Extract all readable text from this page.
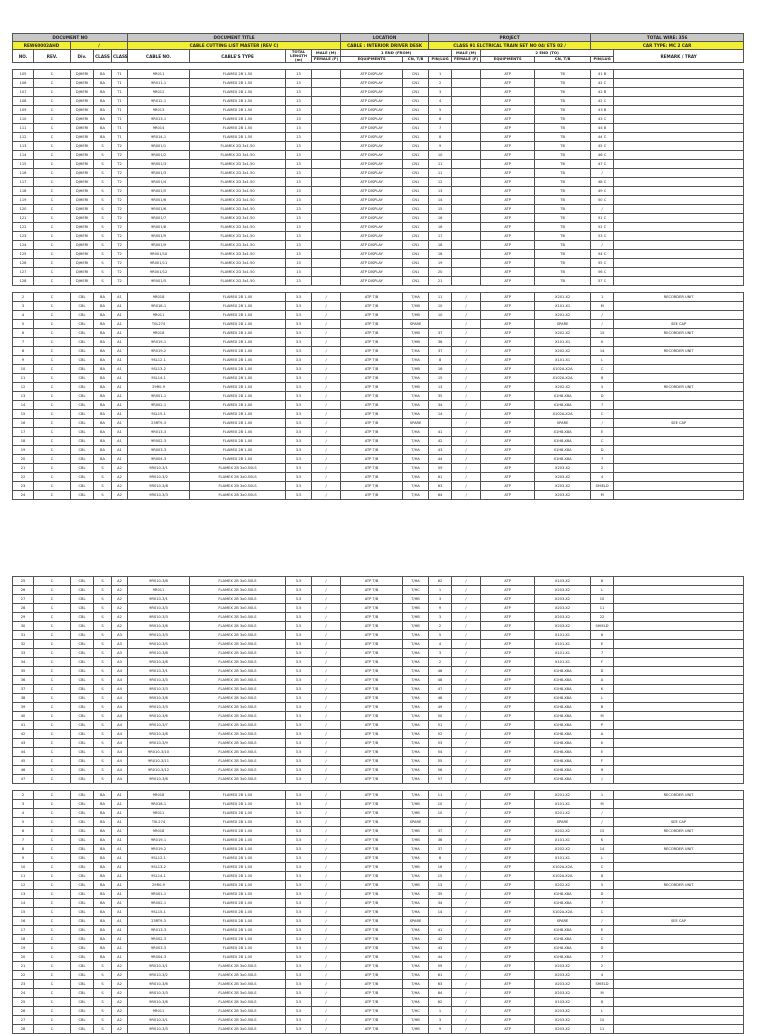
DOCUMENT NO					DOCUMENT TITLE				LOCATION		PROJECT				TOTAL WIRE: 356	
REW60002AHD		/			CABLE CUTTING LIST MASTER (REV C)				CABLE : INTERIOR DRIVER DESK		CLASS 91 ELCTRICAL TRAIN SET NO 04/ ETS 02 /				CAR TYPE: MC 2 CAR	
NO.	REV.	Div.	CLASS	CLASS	CABLE NO.	CABLE'S TYPE	TOTAL LENGTH (m)	MALE (M)	1 END (FROM)			MALE (M)	2 END (TO)			REMARK / TRAY
								FEMALE (F)	EQUIPMENTS	CN, T/B	PIN/LUG	FEMALE (F)	EQUIPMENTS	CN, T/B	PIN/LUG	

105	C	DJHERI	BA	T1	9R011	FLAMEX 2B 1.50	13		ATP DISPLAY	CN1	1		ATP	TB	41 B	
106	C	DJHERI	BA	T1	9R011-1	FLAMEX 2B 1.50	13		ATP DISPLAY	CN1	2		ATP	TB	42 C	
107	C	DJHERI	BA	T1	9R012	FLAMEX 2B 1.50	13		ATP DISPLAY	CN1	3		ATP	TB	42 B	
108	C	DJHERI	BA	T1	9R012-1	FLAMEX 2B 1.50	13		ATP DISPLAY	CN1	4		ATP	TB	42 C	
109	C	DJHERI	BA	T1	9R013	FLAMEX 2B 1.50	13		ATP DISPLAY	CN1	5		ATP	TB	43 B	
110	C	DJHERI	BA	T1	9R013-1	FLAMEX 2B 1.50	13		ATP DISPLAY	CN1	6		ATP	TB	43 C	
111	C	DJHERI	BA	T1	9R014	FLAMEX 2B 1.50	13		ATP DISPLAY	CN1	7		ATP	TB	44 B	
112	C	DJHERI	BA	T1	9R014-1	FLAMEX 2B 1.50	13		ATP DISPLAY	CN1	8		ATP	TB	44 C	
113	C	DJHERI	S	T2	9R001/1	FLAMEX 2D 3x1.50	13		ATP DISPLAY	CN1	9		ATP	TB	45 C	
114	C	DJHERI	S	T2	9R001/2	FLAMEX 2D 3x1.50	13		ATP DISPLAY	CN1	10		ATP	TB	46 C	
115	C	DJHERI	S	T2	9R001/3	FLAMEX 2D 3x1.50	13		ATP DISPLAY	CN1	11		ATP	TB	47 C	
116	C	DJHERI	S	T2	9R001/3	FLAMEX 2D 3x1.50	13		ATP DISPLAY	CN1	11		ATP	TB	/	
117	C	DJHERI	S	T2	9R001/4	FLAMEX 2D 3x1.50	13		ATP DISPLAY	CN1	12		ATP	TB	48 C	
118	C	DJHERI	S	T2	9R001/5	FLAMEX 2D 3x1.50	13		ATP DISPLAY	CN1	13		ATP	TB	49 C	
119	C	DJHERI	S	T2	9R001/6	FLAMEX 2D 3x1.50	13		ATP DISPLAY	CN1	14		ATP	TB	50 C	
120	C	DJHERI	S	T2	9R001/6	FLAMEX 2D 3x1.50	13		ATP DISPLAY	CN1	15		ATP	TB	/	
121	C	DJHERI	S	T2	9R001/7	FLAMEX 2D 3x1.50	13		ATP DISPLAY	CN1	16		ATP	TB	51 C	
122	C	DJHERI	S	T2	9R001/8	FLAMEX 2D 3x1.50	13		ATP DISPLAY	CN1	16		ATP	TB	52 C	
123	C	DJHERI	S	T2	9R001/9	FLAMEX 2D 3x1.50	13		ATP DISPLAY	CN1	17		ATP	TB	53 C	
124	C	DJHERI	S	T2	9R001/9	FLAMEX 2D 3x1.50	13		ATP DISPLAY	CN1	18		ATP	TB	/	
125	C	DJHERI	S	T2	9R001/10	FLAMEX 2D 3x1.50	13		ATP DISPLAY	CN1	18		ATP	TB	54 C	
126	C	DJHERI	S	T2	9R001/11	FLAMEX 2D 3x1.50	13		ATP DISPLAY	CN1	19		ATP	TB	55 C	
127	C	DJHERI	S	T2	9R001/12	FLAMEX 2D 3x1.50	13		ATP DISPLAY	CN1	20		ATP	TB	56 C	
128	C	DJHERI	S	T2	9R001/5	FLAMEX 2D 3x1.50	13		ATP DISPLAY	CN1	21		ATP	TB	57 C	

2	C	CBL	BA	A1	9R018	FLAMEX 2B 1.00	3.5	/	ATP T/B	T/HA	11	/	ATP	X201-X2	1	RECORDER UNIT
3	C	CBL	BA	A1	9R018-1	FLAMEX 2B 1.00	3.5	/	ATP T/B	T/HB	10	/	ATP	X101-X1	M	
4	C	CBL	BA	A1	9R011	FLAMEX 2B 1.00	3.5	/	ATP T/B	T/HB	10	/	ATP	X201-X2	/	
5	C	CBL	BA	A1	T0L274	FLAMEX 2B 1.00	3.5	/	ATP T/B	SPARE		/	ATP	SPARE	/	SEE CAP
6	C	CBL	BA	A1	9R018	FLAMEX 2B 1.00	3.5	/	ATP T/B	T/HB	37	/	ATP	X202-X2	15	RECORDER UNIT
7	C	CBL	BA	A1	9R019-1	FLAMEX 2B 1.00	3.5	/	ATP T/B	T/HB	36	/	ATP	X101-X1	K	
8	C	CBL	BA	A1	9R019-2	FLAMEX 2B 1.00	3.5	/	ATP T/B	T/HA	37	/	ATP	X202-X2	14	RECORDER UNIT
9	C	CBL	BA	A1	9SL12-1	FLAMEX 2B 1.00	3.5	/	ATP T/B	T/HA	8	/	ATP	X101-X1	L	
10	C	CBL	BA	A1	9SL13-2	FLAMEX 2B 1.00	3.5	/	ATP T/B	T/HB	16	/	ATP	X102A-X2A	C	
11	C	CBL	BA	A1	9SL14-1	FLAMEX 2B 1.00	3.5	/	ATP T/B	T/HA	15	/	ATP	X102A-X2A	8	
12	C	CBL	BA	A1	29R0-9	FLAMEX 2B 1.00	3.5	/	ATP T/B	T/HB	13	/	ATP	X202-X2	5	RECORDER UNIT
13	C	CBL	BA	A1	9R001-1	FLAMEX 2B 1.00	3.5	/	ATP T/B	T/HA	35	/	ATP	X1H8-X8A	D	
14	C	CBL	BA	A1	9R002-1	FLAMEX 2B 1.00	3.5	/	ATP T/B	T/HA	34	/	ATP	X1H8-X8A	7	
15	C	CBL	BA	A1	9SL15-1	FLAMEX 2B 1.00	3.5	/	ATP T/B	T/HA	14	/	ATP	X102A-X2A	C	
16	C	CBL	BA	A1	23RT9-3	FLAMEX 2B 1.00	3.5	/	ATP T/B	SPARE		/	ATP	SPARE	/	SEE CAP
17	C	CBL	BA	A1	9R013-3	FLAMEX 2B 1.00	3.5	/	ATP T/B	T/HA	41	/	ATP	X1H8-X8A	E	
18	C	CBL	BA	A1	9R002-3	FLAMEX 2B 1.00	3.5	/	ATP T/B	T/HA	42	/	ATP	X1H8-X8A	C	
19	C	CBL	BA	A1	9R003-3	FLAMEX 2B 1.00	3.5	/	ATP T/B	T/HA	43	/	ATP	X1H8-X8A	D	
20	C	CBL	BA	A1	9R004-3	FLAMEX 2B 1.00	3.5	/	ATP T/B	T/HA	44	/	ATP	X1H8-X8A	7	
21	C	CBL	S	A2	9R010-3/1	FLAMEX 2B 3x0.50LS	3.5	/	ATP T/B	T/HA	59	/	ATP	X203-X2	2	
22	C	CBL	S	A2	9R010-3/2	FLAMEX 2B 3x0.50LS	3.5	/	ATP T/B	T/HA	61	/	ATP	X203-X2	4	
23	C	CBL	S	A2	9R010-3/8	FLAMEX 2B 3x0.50LS	3.5	/	ATP T/B	T/HA	63	/	ATP	X203-X2	SHIELD	
24	C	CBL	S	A2	9R010-3/3	FLAMEX 2B 3x0.50LS	3.5	/	ATP T/B	T/HA	64	/	ATP	X203-X2	M	
25	C	CBL	S	A2	9R010-3/8	FLAMEX 2B 3x0.50LS	3.5	/	ATP T/B	T/HA	62	/	ATP	X103-X2	8	
26	C	CBL	S	A2	9R011	FLAMEX 2B 3x0.50LS	3.5	/	ATP T/B	T/HC	1	/	ATP	X203-X2	L	
27	C	CBL	S	A2	9R010-3/1	FLAMEX 2B 3x0.50LS	3.5	/	ATP T/B	T/HB	3	/	ATP	X203-X2	10	
28	C	CBL	S	A2	9R010-3/3	FLAMEX 2B 3x0.50LS	3.5	/	ATP T/B	T/HB	9	/	ATP	X203-X2	11	
29	C	CBL	S	A2	9R010-3/3	FLAMEX 2B 3x0.50LS	3.5	/	ATP T/B	T/HB	3	/	ATP	X203-X2	22	
30	C	CBL	S	A2	9R010-3/8	FLAMEX 2B 3x0.50LS	3.5	/	ATP T/B	T/HB	2	/	ATP	X203-X2	SHIELD	
31	C	CBL	S	A3	9R010-3/3	FLAMEX 2B 3x0.50LS	3.5	/	ATP T/B	T/HA	5	/	ATP	X101-X1	8	
32	C	CBL	S	A3	9R010-3/5	FLAMEX 2B 3x0.50LS	3.5	/	ATP T/B	T/HA	4	/	ATP	X101-X1	E	
33	C	CBL	S	A3	9R010-3/8	FLAMEX 2B 3x0.50LS	3.5	/	ATP T/B	T/HA	3	/	ATP	X101-X1	7	
34	C	CBL	S	A3	9R010-3/8	FLAMEX 2B 3x0.50LS	3.5	/	ATP T/B	T/HA	2	/	ATP	X101-X1	F	
35	C	CBL	S	A4	9R010-3/1	FLAMEX 2B 3x0.50LS	3.5	/	ATP T/B	T/HA	46	/	ATP	X1H8-X8A	D	
36	C	CBL	S	A4	9R010-3/3	FLAMEX 2B 3x0.50LS	3.5	/	ATP T/B	T/HA	48	/	ATP	X1H8-X8A	A	
37	C	CBL	S	A4	9R010-3/3	FLAMEX 2B 3x0.50LS	3.5	/	ATP T/B	T/HA	47	/	ATP	X1H8-X8A	K	
38	C	CBL	S	A4	9R010-3/8	FLAMEX 2B 3x0.50LS	3.5	/	ATP T/B	T/HA	48	/	ATP	X1H8-X8A	L	
39	C	CBL	S	A4	9R010-3/3	FLAMEX 2B 3x0.50LS	3.5	/	ATP T/B	T/HA	49	/	ATP	X1H8-X8A	B	
40	C	CBL	S	A4	9R010-3/6	FLAMEX 2B 3x0.50LS	3.5	/	ATP T/B	T/HA	50	/	ATP	X1H8-X8A	M	
41	C	CBL	S	A4	9R010-3/7	FLAMEX 2B 3x0.50LS	3.5	/	ATP T/B	T/HA	51	/	ATP	X1H8-X8A	P	
42	C	CBL	S	A4	9R010-3/8	FLAMEX 2B 3x0.50LS	3.5	/	ATP T/B	T/HA	52	/	ATP	X1H8-X8A	A	
43	C	CBL	S	A4	9R010-3/9	FLAMEX 2B 3x0.50LS	3.5	/	ATP T/B	T/HA	53	/	ATP	X1H8-X8A	K	
44	C	CBL	S	A4	9R010-3/10	FLAMEX 2B 3x0.50LS	3.5	/	ATP T/B	T/HA	54	/	ATP	X1H8-X8A	E	
45	C	CBL	S	A4	9R010-3/11	FLAMEX 2B 3x0.50LS	3.5	/	ATP T/B	T/HA	55	/	ATP	X1H8-X8A	F	
46	C	CBL	S	A4	9R010-3/12	FLAMEX 2B 3x0.50LS	3.5	/	ATP T/B	T/HA	56	/	ATP	X1H8-X8A	H	
47	C	CBL	S	A4	9R010-3/8	FLAMEX 2B 3x0.50LS	3.5	/	ATP T/B	T/HA	57	/	ATP	X1H8-X8A	J	

2	C	CBL	BA	A1	9R018	FLAMEX 2B 1.00	3.5	/	ATP T/B	T/HA	11	/	ATP	X201-X2	1	RECORDER UNIT
3	C	CBL	BA	A1	9R018-1	FLAMEX 2B 1.00	3.5	/	ATP T/B	T/HB	10	/	ATP	X101-X1	M	
4	C	CBL	BA	A1	9R011	FLAMEX 2B 1.00	3.5	/	ATP T/B	T/HB	10	/	ATP	X201-X2	/	
5	C	CBL	BA	A1	T0L274	FLAMEX 2B 1.00	3.5	/	ATP T/B	SPARE		/	ATP	SPARE	/	SEE CAP
6	C	CBL	BA	A1	9R018	FLAMEX 2B 1.00	3.5	/	ATP T/B	T/HB	37	/	ATP	X202-X2	15	RECORDER UNIT
7	C	CBL	BA	A1	9R019-1	FLAMEX 2B 1.00	3.5	/	ATP T/B	T/HB	36	/	ATP	X101-X1	K	
8	C	CBL	BA	A1	9R019-2	FLAMEX 2B 1.00	3.5	/	ATP T/B	T/HA	37	/	ATP	X202-X2	14	RECORDER UNIT
9	C	CBL	BA	A1	9SL12-1	FLAMEX 2B 1.00	3.5	/	ATP T/B	T/HA	8	/	ATP	X101-X1	L	
10	C	CBL	BA	A1	9SL13-2	FLAMEX 2B 1.00	3.5	/	ATP T/B	T/HB	16	/	ATP	X102A-X2A	C	
11	C	CBL	BA	A1	9SL14-1	FLAMEX 2B 1.00	3.5	/	ATP T/B	T/HA	15	/	ATP	X102A-X2A	8	
12	C	CBL	BA	A1	29R0-9	FLAMEX 2B 1.00	3.5	/	ATP T/B	T/HB	13	/	ATP	X202-X2	5	RECORDER UNIT
13	C	CBL	BA	A1	9R001-1	FLAMEX 2B 1.00	3.5	/	ATP T/B	T/HA	35	/	ATP	X1H8-X8A	D	
14	C	CBL	BA	A1	9R002-1	FLAMEX 2B 1.00	3.5	/	ATP T/B	T/HA	34	/	ATP	X1H8-X8A	7	
15	C	CBL	BA	A1	9SL15-1	FLAMEX 2B 1.00	3.5	/	ATP T/B	T/HA	14	/	ATP	X102A-X2A	C	
16	C	CBL	BA	A1	23RT9-3	FLAMEX 2B 1.00	3.5	/	ATP T/B	SPARE		/	ATP	SPARE	/	SEE CAP
17	C	CBL	BA	A1	9R013-3	FLAMEX 2B 1.00	3.5	/	ATP T/B	T/HA	41	/	ATP	X1H8-X8A	E	
18	C	CBL	BA	A1	9R002-3	FLAMEX 2B 1.00	3.5	/	ATP T/B	T/HA	42	/	ATP	X1H8-X8A	C	
19	C	CBL	BA	A1	9R003-3	FLAMEX 2B 1.00	3.5	/	ATP T/B	T/HA	43	/	ATP	X1H8-X8A	D	
20	C	CBL	BA	A1	9R004-3	FLAMEX 2B 1.00	3.5	/	ATP T/B	T/HA	44	/	ATP	X1H8-X8A	7	
21	C	CBL	S	A2	9R010-3/1	FLAMEX 2B 3x0.50LS	3.5	/	ATP T/B	T/HA	59	/	ATP	X203-X2	2	
22	C	CBL	S	A2	9R010-3/2	FLAMEX 2B 3x0.50LS	3.5	/	ATP T/B	T/HA	61	/	ATP	X203-X2	4	
23	C	CBL	S	A2	9R010-3/8	FLAMEX 2B 3x0.50LS	3.5	/	ATP T/B	T/HA	63	/	ATP	X203-X2	SHIELD	
24	C	CBL	S	A2	9R010-3/3	FLAMEX 2B 3x0.50LS	3.5	/	ATP T/B	T/HA	64	/	ATP	X203-X2	M	
25	C	CBL	S	A2	9R010-3/8	FLAMEX 2B 3x0.50LS	3.5	/	ATP T/B	T/HA	62	/	ATP	X103-X2	8	
26	C	CBL	S	A2	9R011	FLAMEX 2B 3x0.50LS	3.5	/	ATP T/B	T/HC	1	/	ATP	X203-X2	L	
27	C	CBL	S	A2	9R010-3/1	FLAMEX 2B 3x0.50LS	3.5	/	ATP T/B	T/HB	3	/	ATP	X203-X2	10	
28	C	CBL	S	A2	9R010-3/3	FLAMEX 2B 3x0.50LS	3.5	/	ATP T/B	T/HB	9	/	ATP	X203-X2	11	
